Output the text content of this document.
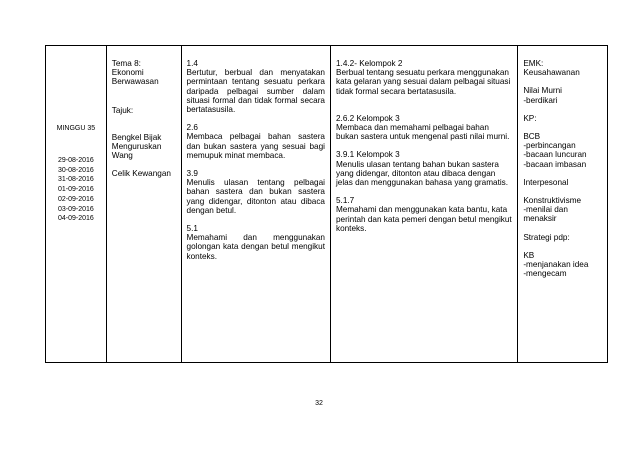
MINGGU 35
29-08-2016
30-08-2016
31-08-2016
01-09-2016
02-09-2016
03-09-2016
04-09-2016
Tema 8:
Ekonomi
Berwawasan
Tajuk:
Bengkel Bijak
Menguruskan
Wang
Celik Kewangan
1.4
Bertutur, berbual dan menyatakan permintaan tentang sesuatu perkara daripada pelbagai sumber dalam situasi formal dan tidak formal secara bertatasusila.
2.6
Membaca pelbagai bahan sastera dan bukan sastera yang sesuai bagi memupuk minat membaca.
3.9
Menulis ulasan tentang pelbagai bahan sastera dan bukan sastera yang didengar, ditonton atau dibaca dengan betul.
5.1
Memahami dan menggunakan golongan kata dengan betul mengikut konteks.
1.4.2- Kelompok 2
Berbual tentang sesuatu perkara menggunakan kata gelaran yang sesuai dalam pelbagai situasi tidak formal secara bertatasusila.
2.6.2 Kelompok 3
Membaca dan memahami pelbagai bahan bukan sastera untuk mengenal pasti nilai murni.
3.9.1 Kelompok 3
Menulis ulasan tentang bahan bukan sastera yang didengar, ditonton atau dibaca dengan jelas dan menggunakan bahasa yang gramatis.
5.1.7
Memahami dan menggunakan kata bantu, kata perintah dan kata pemeri dengan betul mengikut konteks.
EMK:
Keusahawanan
Nilai Murni
-berdikari
KP:
BCB
-perbincangan
-bacaan luncuran
-bacaan imbasan
Interpesonal
Konstruktivisme
-menilai dan
menaksir
Strategi pdp:
KB
-menjanakan idea
-mengecam
32
